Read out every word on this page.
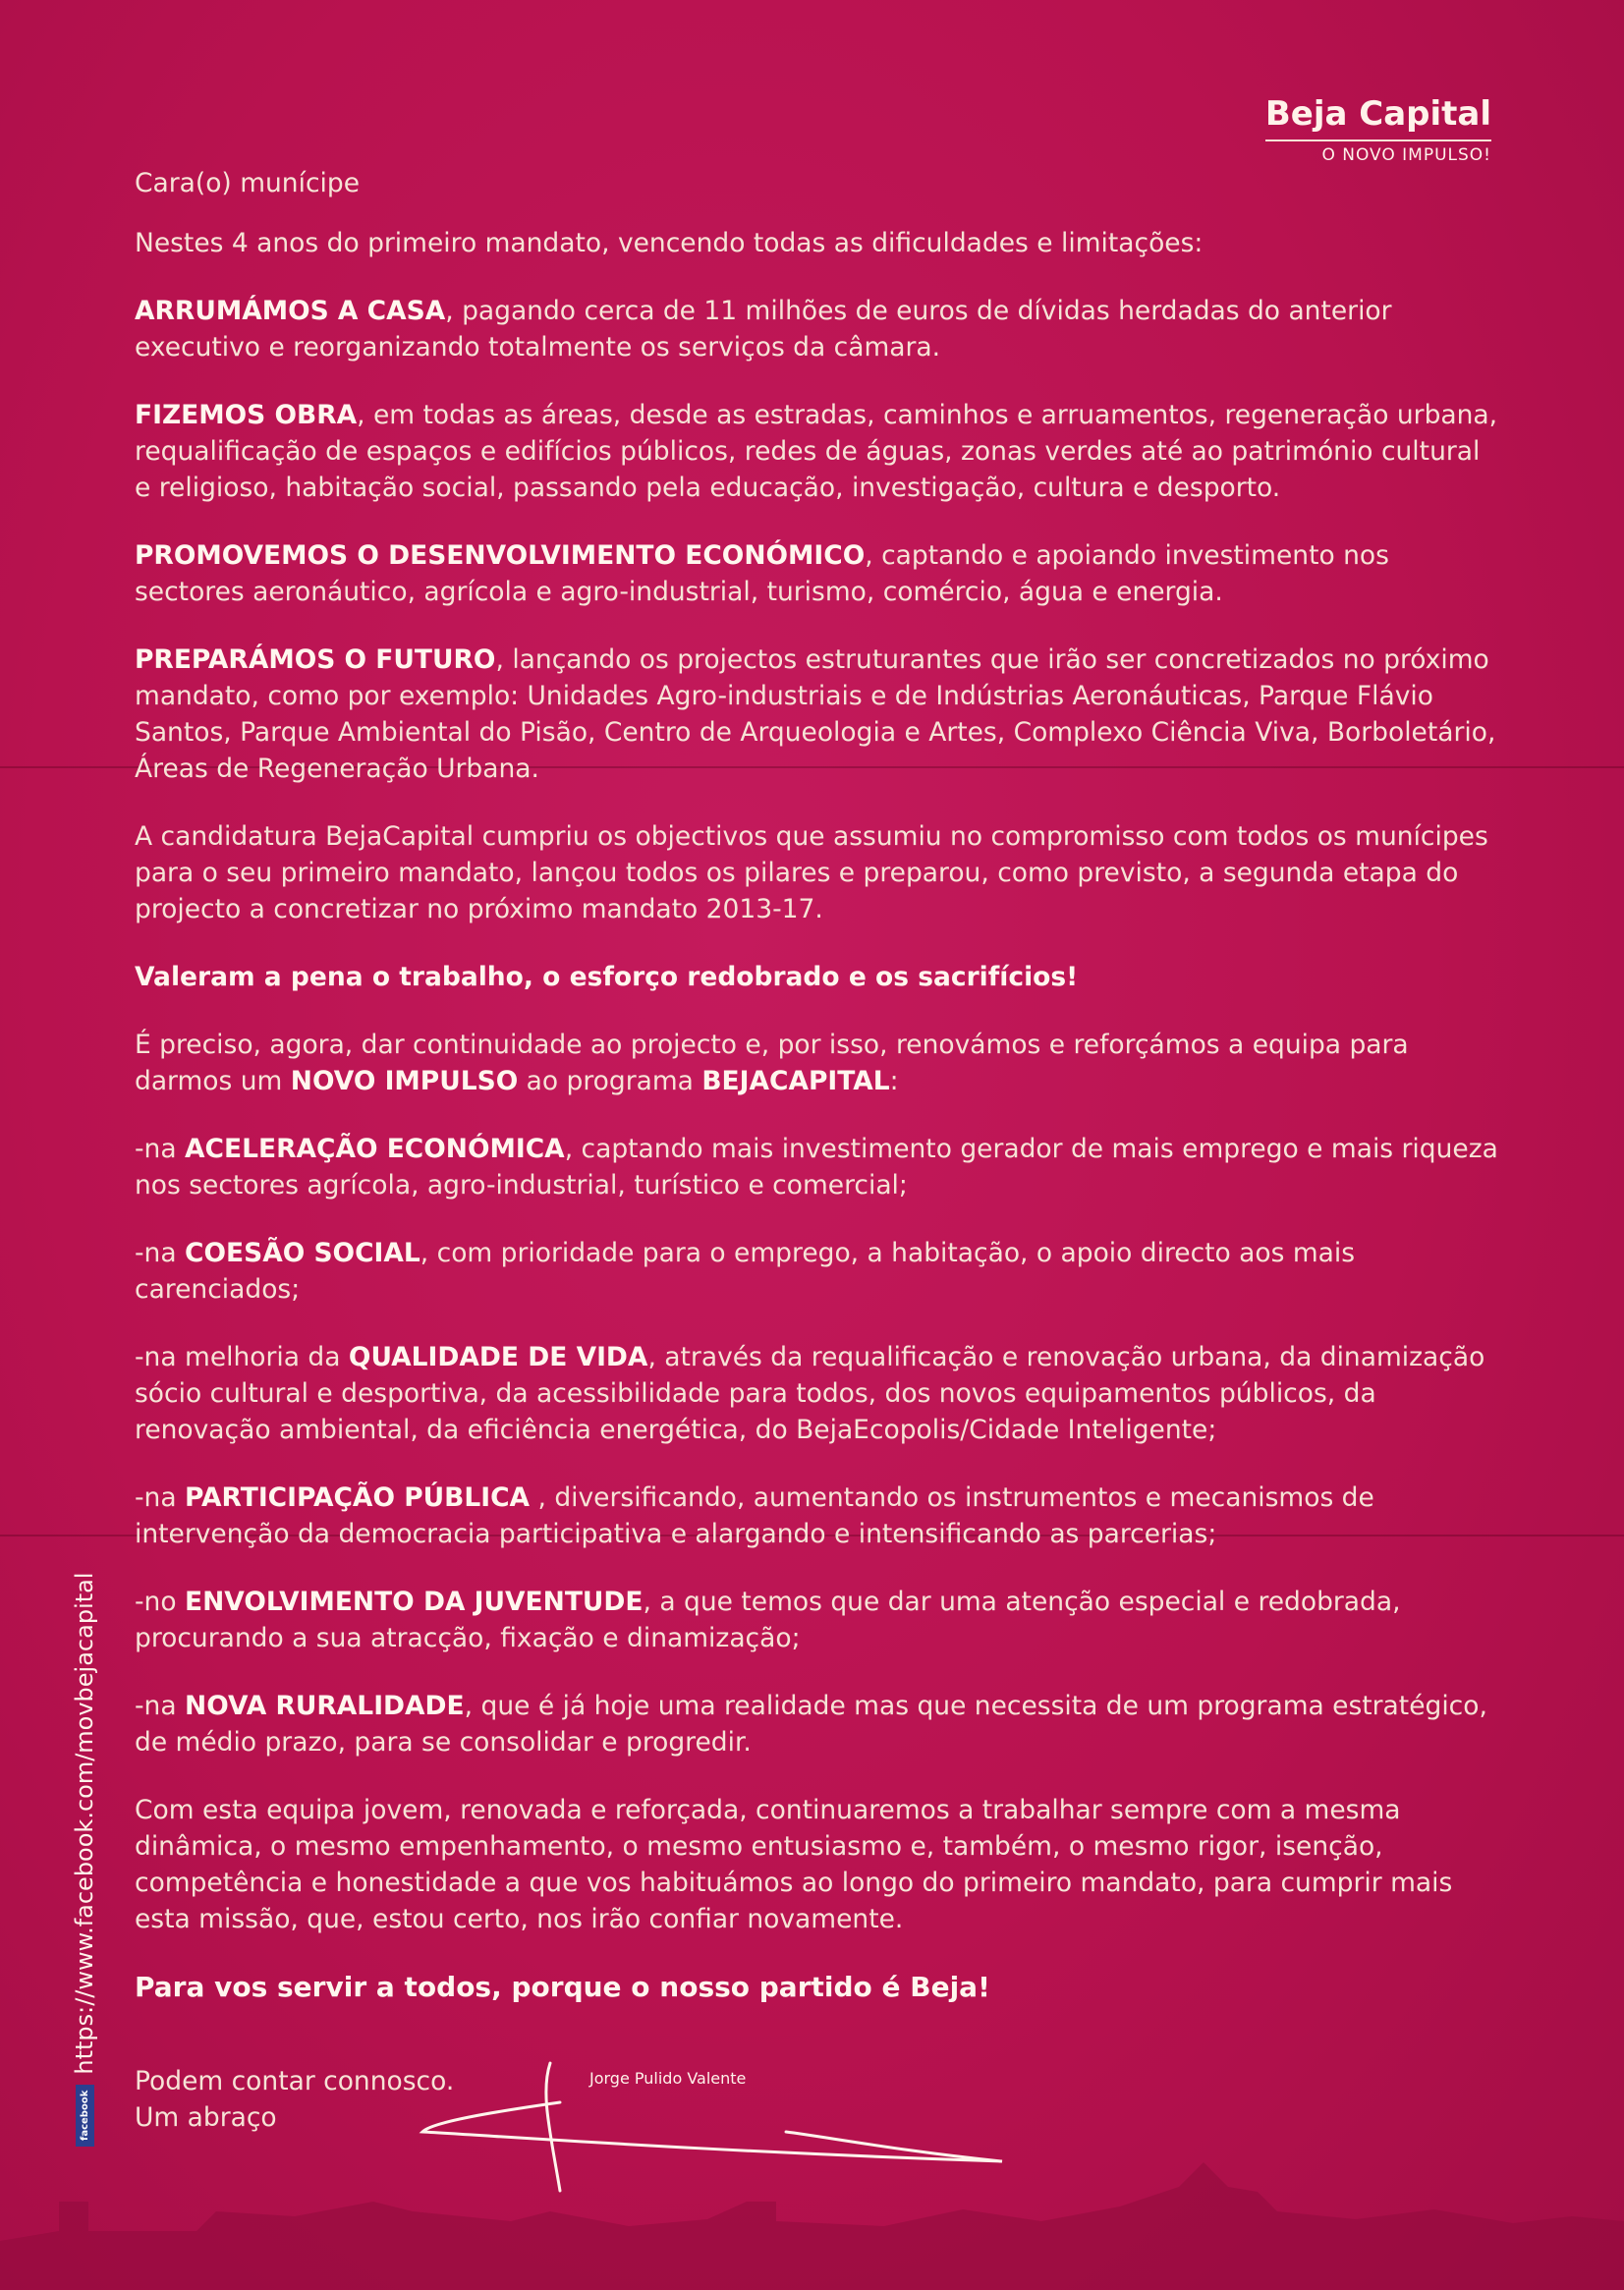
Beja Capital
O NOVO IMPULSO!

Cara(o) munícipe

Nestes 4 anos do primeiro mandato, vencendo todas as dificuldades e limitações:

ARRUMÁMOS A CASA, pagando cerca de 11 milhões de euros de dívidas herdadas do anterior executivo e reorganizando totalmente os serviços da câmara.

FIZEMOS OBRA, em todas as áreas, desde as estradas, caminhos e arruamentos, regeneração urbana, requalificação de espaços e edifícios públicos, redes de águas, zonas verdes até ao património cultural e religioso, habitação social, passando pela educação, investigação, cultura e desporto.

PROMOVEMOS O DESENVOLVIMENTO ECONÓMICO, captando e apoiando investimento nos sectores aeronáutico, agrícola e agro-industrial, turismo, comércio, água e energia.

PREPARÁMOS O FUTURO, lançando os projectos estruturantes que irão ser concretizados no próximo mandato, como por exemplo: Unidades Agro-industriais e de Indústrias Aeronáuticas, Parque Flávio Santos, Parque Ambiental do Pisão, Centro de Arqueologia e Artes, Complexo Ciência Viva, Borboletário, Áreas de Regeneração Urbana.

A candidatura BejaCapital cumpriu os objectivos que assumiu no compromisso com todos os munícipes para o seu primeiro mandato, lançou todos os pilares e preparou, como previsto, a segunda etapa do projecto a concretizar no próximo mandato 2013-17.

Valeram a pena o trabalho, o esforço redobrado e os sacrifícios!

É preciso, agora, dar continuidade ao projecto e, por isso, renovámos e reforçámos a equipa para darmos um NOVO IMPULSO ao programa BEJACAPITAL:

-na ACELERAÇÃO ECONÓMICA, captando mais investimento gerador de mais emprego e mais riqueza nos sectores agrícola, agro-industrial, turístico e comercial;

-na COESÃO SOCIAL, com prioridade para o emprego, a habitação, o apoio directo aos mais carenciados;

-na melhoria da QUALIDADE DE VIDA, através da requalificação e renovação urbana, da dinamização sócio cultural e desportiva, da acessibilidade para todos, dos novos equipamentos públicos, da renovação ambiental, da eficiência energética, do BejaEcopolis/Cidade Inteligente;

-na PARTICIPAÇÃO PÚBLICA , diversificando, aumentando os instrumentos e mecanismos de intervenção da democracia participativa e alargando e intensificando as parcerias;

-no ENVOLVIMENTO DA JUVENTUDE, a que temos que dar uma atenção especial e redobrada, procurando a sua atracção, fixação e dinamização;

-na NOVA RURALIDADE, que é já hoje uma realidade mas que necessita de um programa estratégico, de médio prazo, para se consolidar e progredir.

Com esta equipa jovem, renovada e reforçada, continuaremos a trabalhar sempre com a mesma dinâmica, o mesmo empenhamento, o mesmo entusiasmo e, também, o mesmo rigor, isenção, competência e honestidade a que vos habituámos ao longo do primeiro mandato, para cumprir mais esta missão, que, estou certo, nos irão confiar novamente.

Para vos servir a todos, porque o nosso partido é Beja!

Podem contar connosco.
Um abraço
Jorge Pulido Valente
facebook
https://www.facebook.com/movbejacapital
